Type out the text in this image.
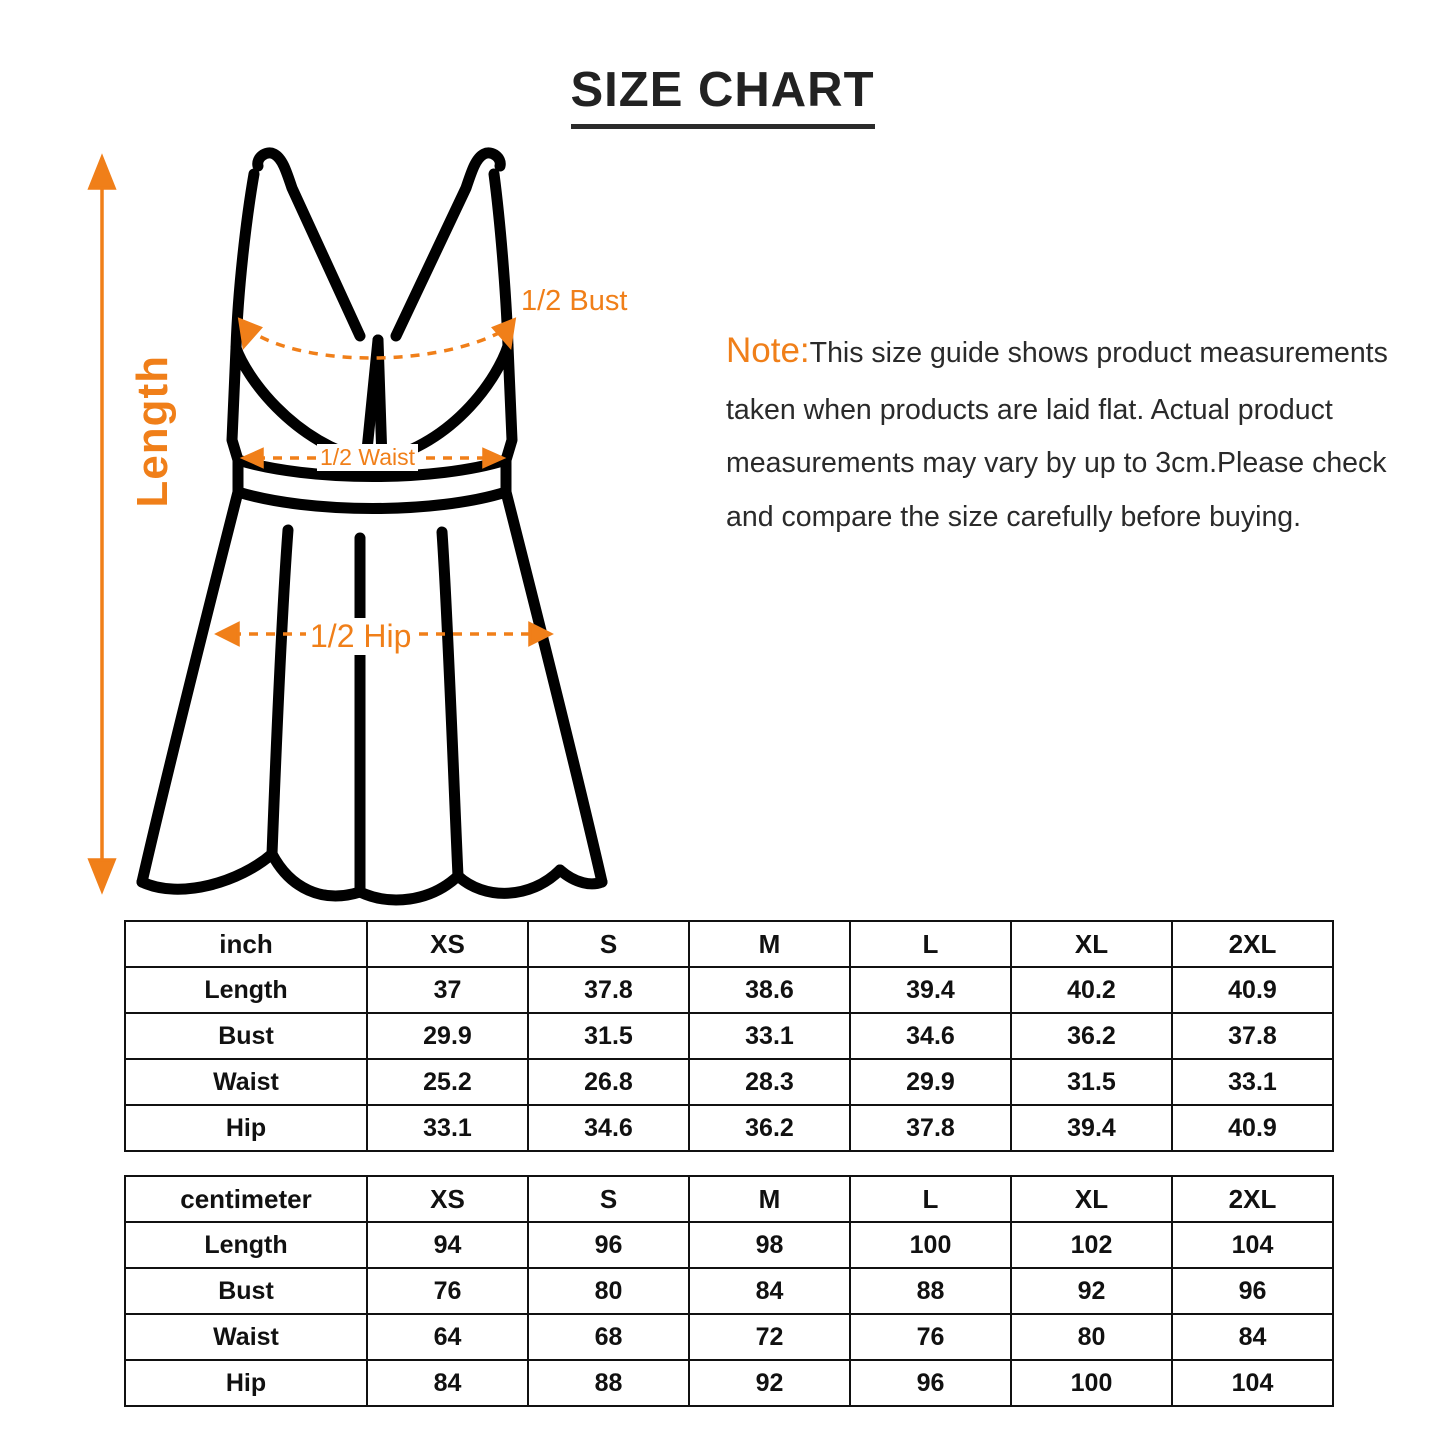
SIZE CHART
Length
1/2 Bust
1/2 Waist
1/2 Hip
Note:This size guide shows product measurements taken when products are laid flat. Actual product measurements may vary by up to 3cm.Please check and compare the size carefully before buying.
inch	XS	S	M	L	XL	2XL
Length	37	37.8	38.6	39.4	40.2	40.9
Bust	29.9	31.5	33.1	34.6	36.2	37.8
Waist	25.2	26.8	28.3	29.9	31.5	33.1
Hip	33.1	34.6	36.2	37.8	39.4	40.9
centimeter	XS	S	M	L	XL	2XL
Length	94	96	98	100	102	104
Bust	76	80	84	88	92	96
Waist	64	68	72	76	80	84
Hip	84	88	92	96	100	104
